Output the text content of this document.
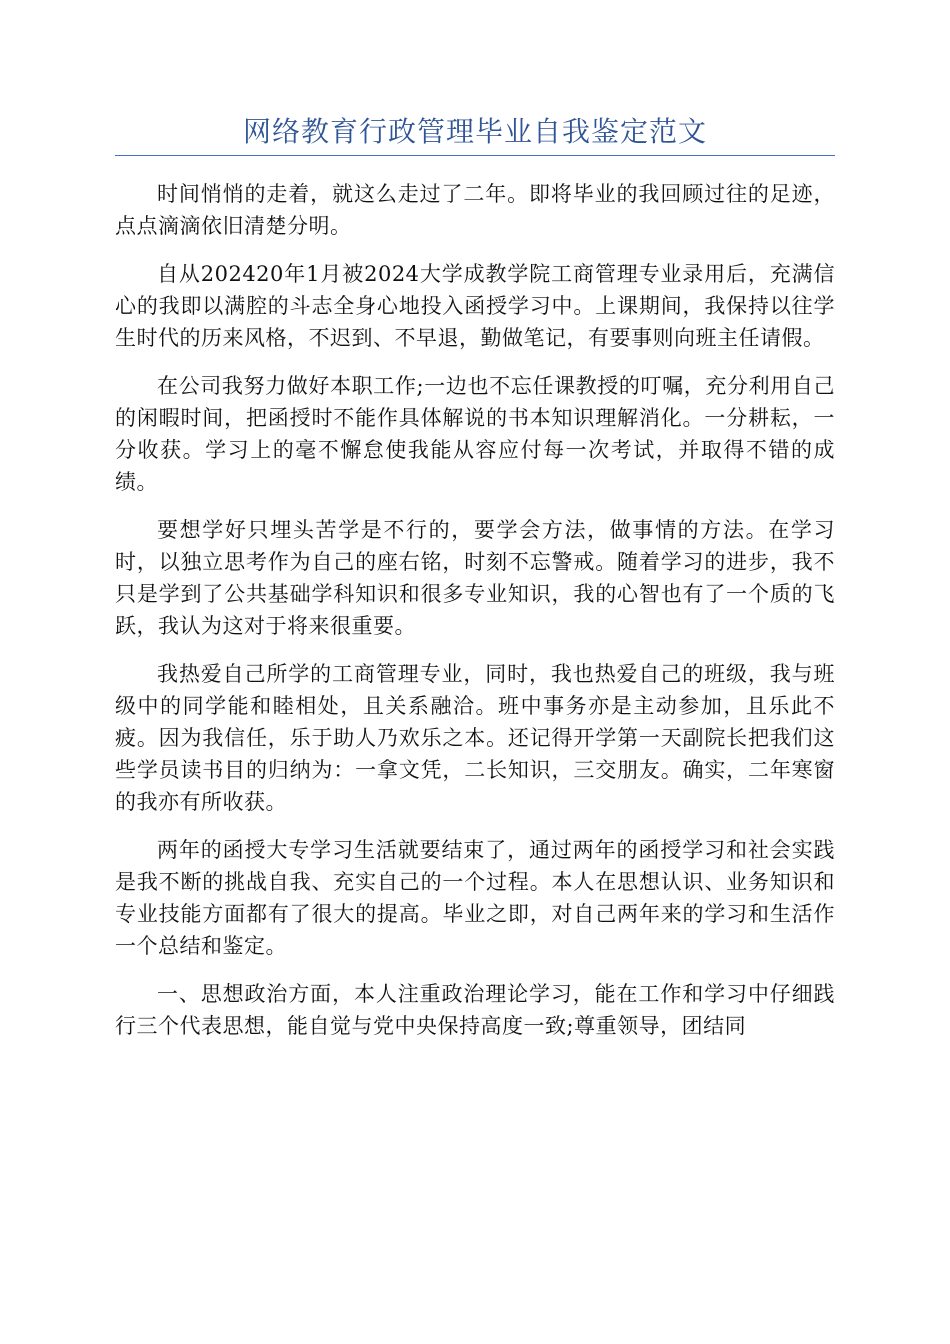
网络教育行政管理毕业自我鉴定范文

时间悄悄的走着，就这么走过了二年。即将毕业的我回顾过往的足迹，点点滴滴依旧清楚分明。

自从202420年1月被2024大学成教学院工商管理专业录用后，充满信心的我即以满腔的斗志全身心地投入函授学习中。上课期间，我保持以往学生时代的历来风格，不迟到、不早退，勤做笔记，有要事则向班主任请假。

在公司我努力做好本职工作;一边也不忘任课教授的叮嘱，充分利用自己的闲暇时间，把函授时不能作具体解说的书本知识理解消化。一分耕耘，一分收获。学习上的毫不懈怠使我能从容应付每一次考试，并取得不错的成绩。

要想学好只埋头苦学是不行的，要学会方法，做事情的方法。在学习时，以独立思考作为自己的座右铭，时刻不忘警戒。随着学习的进步，我不只是学到了公共基础学科知识和很多专业知识，我的心智也有了一个质的飞跃，我认为这对于将来很重要。

我热爱自己所学的工商管理专业，同时，我也热爱自己的班级，我与班级中的同学能和睦相处，且关系融洽。班中事务亦是主动参加，且乐此不疲。因为我信任，乐于助人乃欢乐之本。还记得开学第一天副院长把我们这些学员读书目的归纳为：一拿文凭，二长知识，三交朋友。确实，二年寒窗的我亦有所收获。

两年的函授大专学习生活就要结束了，通过两年的函授学习和社会实践是我不断的挑战自我、充实自己的一个过程。本人在思想认识、业务知识和专业技能方面都有了很大的提高。毕业之即，对自己两年来的学习和生活作一个总结和鉴定。

一、思想政治方面，本人注重政治理论学习，能在工作和学习中仔细践行三个代表思想，能自觉与党中央保持高度一致;尊重领导，团结同
